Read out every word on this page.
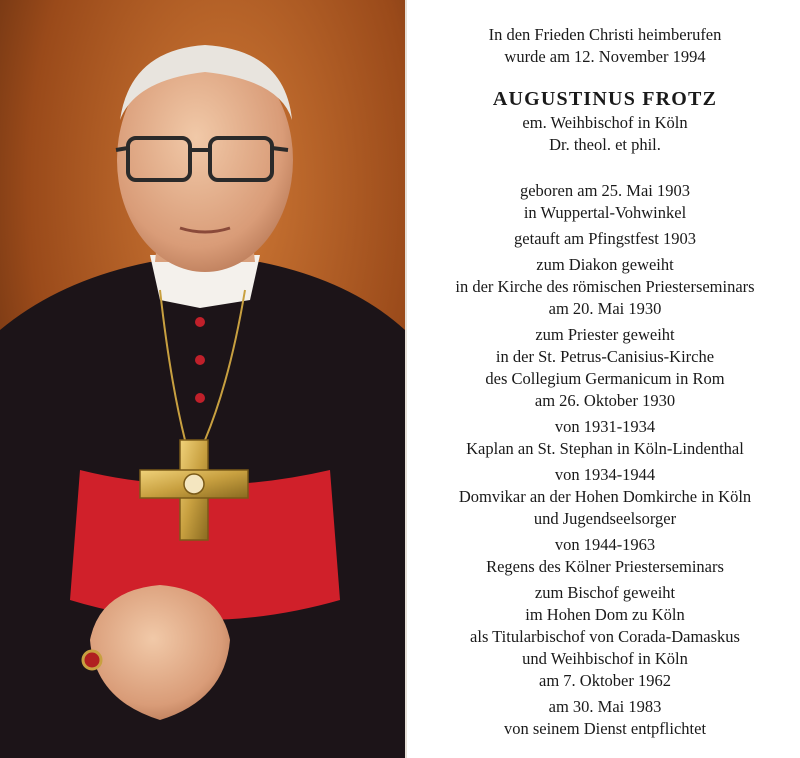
In den Frieden Christi heimberufen

wurde am 12. November 1994

AUGUSTINUS FROTZ

em. Weihbischof in Köln

Dr. theol. et phil.

geboren am 25. Mai 1903

in Wuppertal-Vohwinkel

getauft am Pfingstfest 1903

zum Diakon geweiht

in der Kirche des römischen Priesterseminars

am 20. Mai 1930

zum Priester geweiht

in der St. Petrus-Canisius-Kirche

des Collegium Germanicum in Rom

am 26. Oktober 1930

von 1931-1934

Kaplan an St. Stephan in Köln-Lindenthal

von 1934-1944

Domvikar an der Hohen Domkirche in Köln

und Jugendseelsorger

von 1944-1963

Regens des Kölner Priesterseminars

zum Bischof geweiht

im Hohen Dom zu Köln

als Titularbischof von Corada-Damaskus

und Weihbischof in Köln

am 7. Oktober 1962

am 30. Mai 1983

von seinem Dienst entpflichtet
